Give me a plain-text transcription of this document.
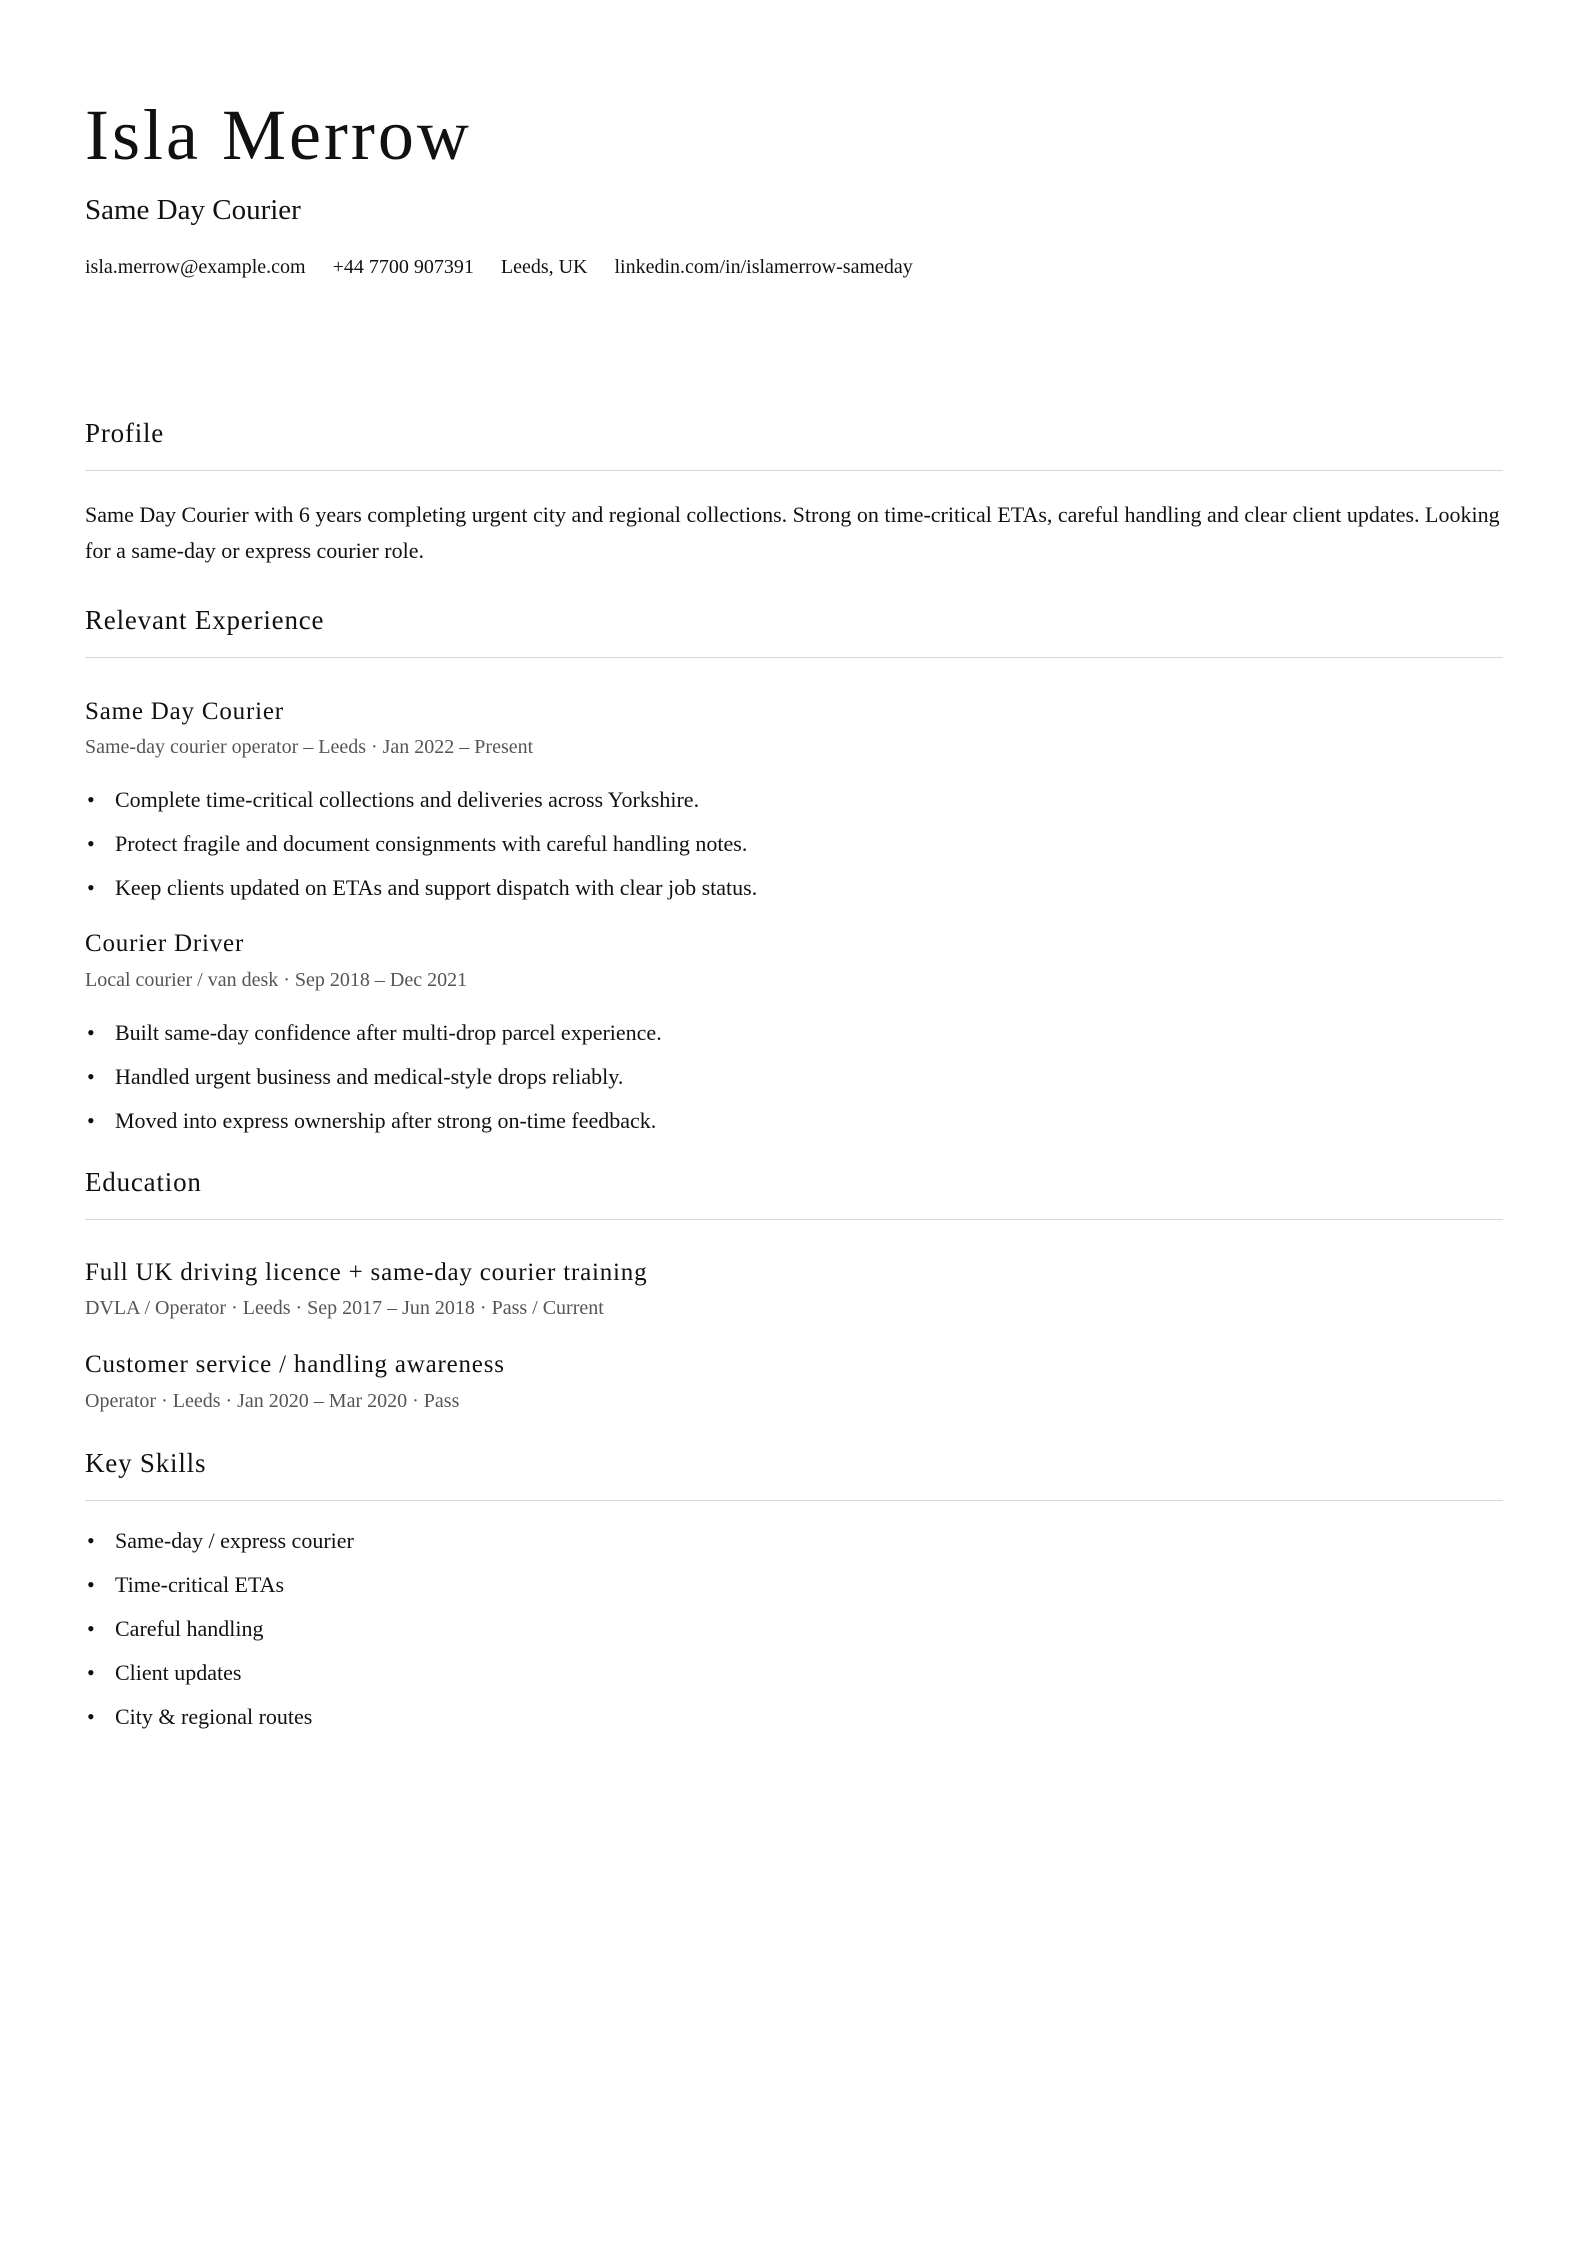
Isla Merrow
Same Day Courier
isla.merrow@example.com +44 7700 907391 Leeds, UK linkedin.com/in/islamerrow-sameday
Profile
Same Day Courier with 6 years completing urgent city and regional collections. Strong on time-critical ETAs, careful handling and clear client updates. Looking for a same-day or express courier role.
Relevant Experience
Same Day Courier
Same-day courier operator – Leeds · Jan 2022 – Present
• Complete time-critical collections and deliveries across Yorkshire.
• Protect fragile and document consignments with careful handling notes.
• Keep clients updated on ETAs and support dispatch with clear job status.
Courier Driver
Local courier / van desk · Sep 2018 – Dec 2021
• Built same-day confidence after multi-drop parcel experience.
• Handled urgent business and medical-style drops reliably.
• Moved into express ownership after strong on-time feedback.
Education
Full UK driving licence + same-day courier training
DVLA / Operator · Leeds · Sep 2017 – Jun 2018 · Pass / Current
Customer service / handling awareness
Operator · Leeds · Jan 2020 – Mar 2020 · Pass
Key Skills
• Same-day / express courier
• Time-critical ETAs
• Careful handling
• Client updates
• City & regional routes
